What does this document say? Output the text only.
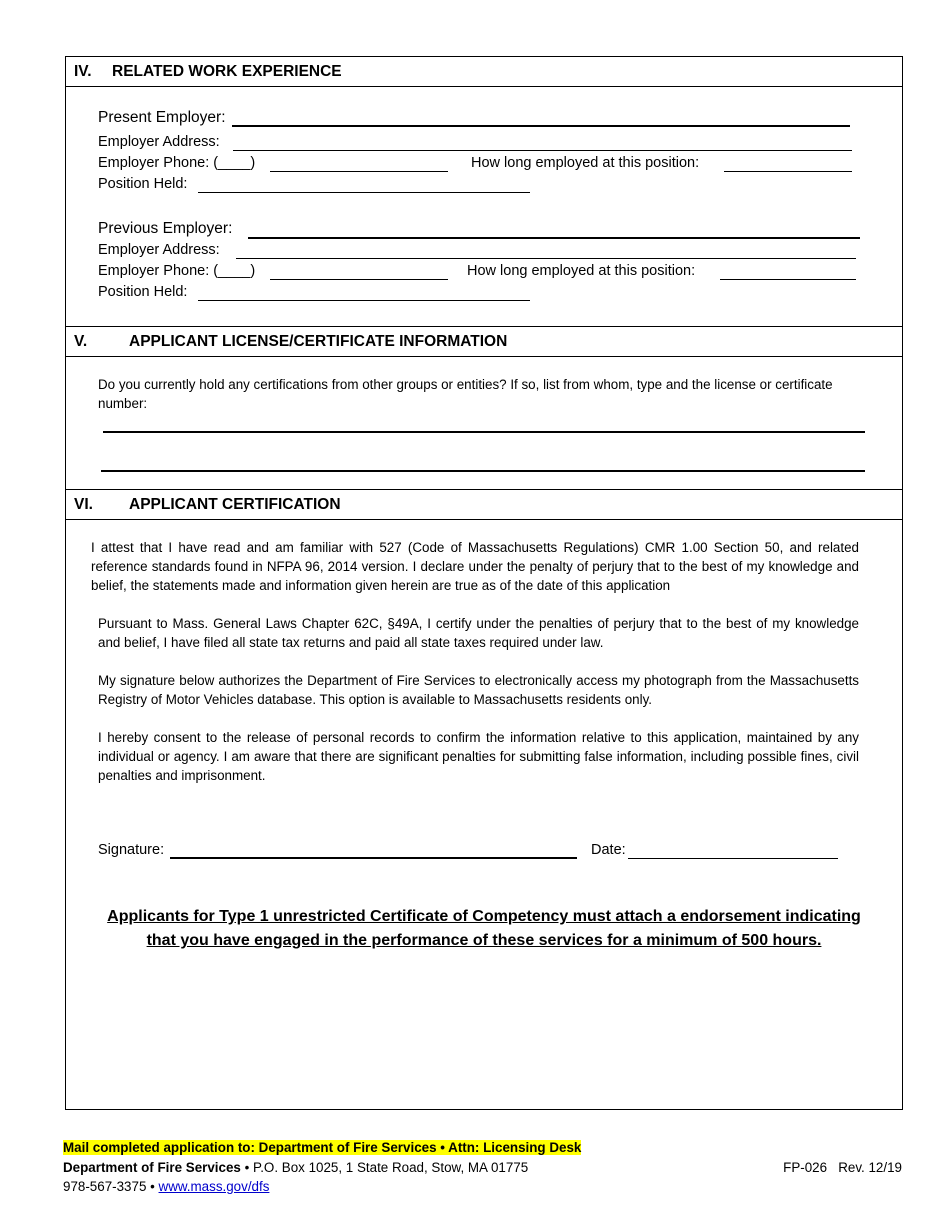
IV. RELATED WORK EXPERIENCE
Present Employer:
Employer Address:
Employer Phone: (____)	How long employed at this position:
Position Held:
Previous Employer:
Employer Address:
Employer Phone: (____)	How long employed at this position:
Position Held:
V.	APPLICANT LICENSE/CERTIFICATE INFORMATION
Do you currently hold any certifications from other groups or entities? If so, list from whom, type and the license or certificate number:
VI. APPLICANT CERTIFICATION
I attest that I have read and am familiar with 527 (Code of Massachusetts Regulations) CMR 1.00 Section 50, and related reference standards found in NFPA 96, 2014 version. I declare under the penalty of perjury that to the best of my knowledge and belief, the statements made and information given herein are true as of the date of this application
Pursuant to Mass. General Laws Chapter 62C, §49A, I certify under the penalties of perjury that to the best of my knowledge and belief, I have filed all state tax returns and paid all state taxes required under law.
My signature below authorizes the Department of Fire Services to electronically access my photograph from the Massachusetts Registry of Motor Vehicles database. This option is available to Massachusetts residents only.
I hereby consent to the release of personal records to confirm the information relative to this application, maintained by any individual or agency. I am aware that there are significant penalties for submitting false information, including possible fines, civil penalties and imprisonment.
Signature:	Date:
Applicants for Type 1 unrestricted Certificate of Competency must attach a endorsement indicating
that you have engaged in the performance of these services for a minimum of 500 hours.
Mail completed application to: Department of Fire Services • Attn: Licensing Desk
Department of Fire Services • P.O. Box 1025, 1 State Road, Stow, MA 01775
978-567-3375 • www.mass.gov/dfs
FP-026   Rev. 12/19
